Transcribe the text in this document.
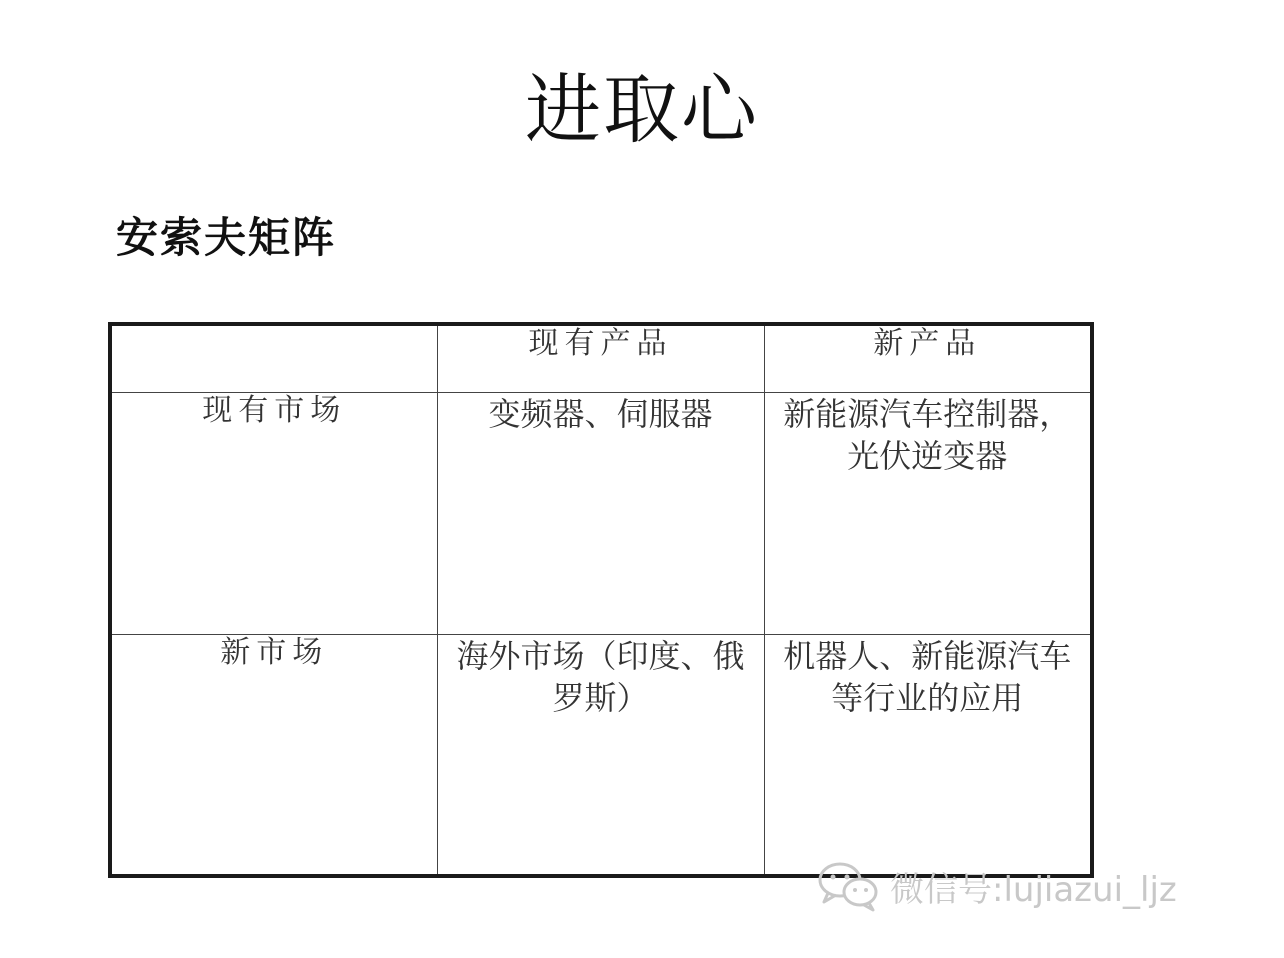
进取心
安索夫矩阵
	现有产品	新产品
现有市场	变频器、伺服器	新能源汽车控制器，光伏逆变器
新市场	海外市场（印度、俄罗斯）	机器人、新能源汽车等行业的应用
微信号:lujiazui_ljz
